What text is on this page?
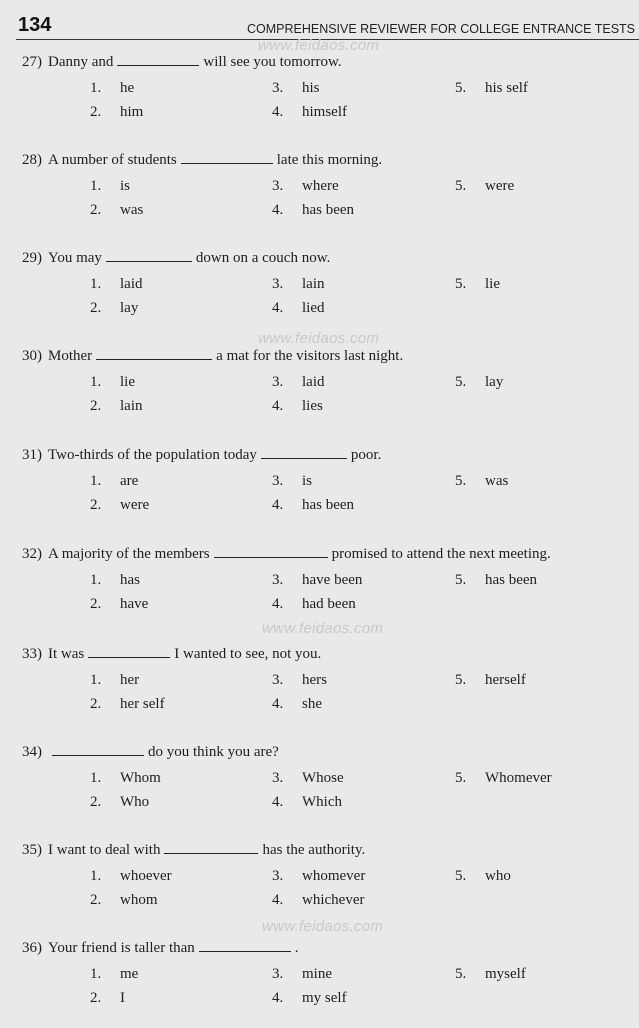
134	COMPREHENSIVE REVIEWER FOR COLLEGE ENTRANCE TESTS
www.feidaos.com
www.feidaos.com
www.feidaos.com
www.feidaos.com
27) Danny and	will see you tomorrow.
1. he
2. him
3. his
4. himself
5. his self
28) A number of students	late this morning.
1. is
2. was
3. where
4. has been
5. were
29) You may	down on a couch now.
1. laid
2. lay
3. lain
4. lied
5. lie
30) Mother	a mat for the visitors last night.
1. lie
2. lain
3. laid
4. lies
5. lay
31) Two-thirds of the population today	poor.
1. are
2. were
3. is
4. has been
5. was
32) A majority of the members	promised to attend the next meeting.
1. has
2. have
3. have been
4. had been
5. has been
33) It was	I wanted to see, not you.
1. her
2. her self
3. hers
4. she
5. herself
34)	do you think you are?
1. Whom
2. Who
3. Whose
4. Which
5. Whomever
35) I want to deal with	has the authority.
1. whoever
2. whom
3. whomever
4. whichever
5. who
36) Your friend is taller than	.
1. me
2. I
3. mine
4. my self
5. myself
